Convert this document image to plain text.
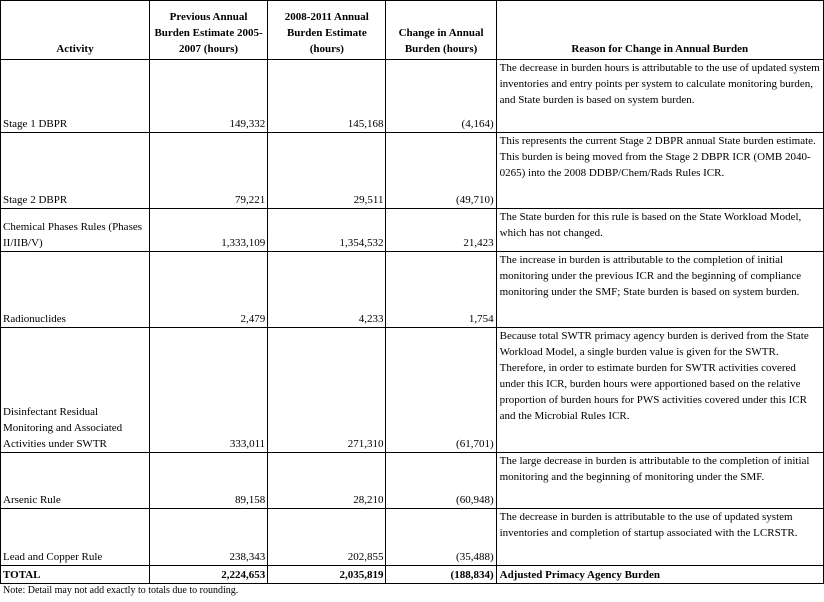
Activity	Previous Annual Burden Estimate 2005-2007 (hours)	2008-2011 Annual Burden Estimate (hours)	Change in Annual Burden (hours)	Reason for Change in Annual Burden
Stage 1 DBPR	149,332	145,168	(4,164)	The decrease in burden hours is attributable to the use of updated system inventories and entry points per system to calculate monitoring burden, and State burden is based on system burden.
Stage 2 DBPR	79,221	29,511	(49,710)	This represents the current Stage 2 DBPR annual State burden estimate. This burden is being moved from the Stage 2 DBPR ICR (OMB 2040-0265) into the 2008 DDBP/Chem/Rads Rules ICR.
Chemical Phases Rules (Phases II/IIB/V)	1,333,109	1,354,532	21,423	The State burden for this rule is based on the State Workload Model, which has not changed.
Radionuclides	2,479	4,233	1,754	The increase in burden is attributable to the completion of initial monitoring under the previous ICR and the beginning of compliance monitoring under the SMF; State burden is based on system burden.
Disinfectant Residual Monitoring and Associated Activities under SWTR	333,011	271,310	(61,701)	Because total SWTR primacy agency burden is derived from the State Workload Model, a single burden value is given for the SWTR. Therefore, in order to estimate burden for SWTR activities covered under this ICR, burden hours were apportioned based on the relative proportion of burden hours for PWS activities covered under this ICR and the Microbial Rules ICR.
Arsenic Rule	89,158	28,210	(60,948)	The large decrease in burden is attributable to the completion of initial monitoring and the beginning of monitoring under the SMF.
Lead and Copper Rule	238,343	202,855	(35,488)	The decrease in burden is attributable to the use of updated system inventories and completion of startup associated with the LCRSTR.
TOTAL	2,224,653	2,035,819	(188,834)	Adjusted Primacy Agency Burden
Note: Detail may not add exactly to totals due to rounding.
